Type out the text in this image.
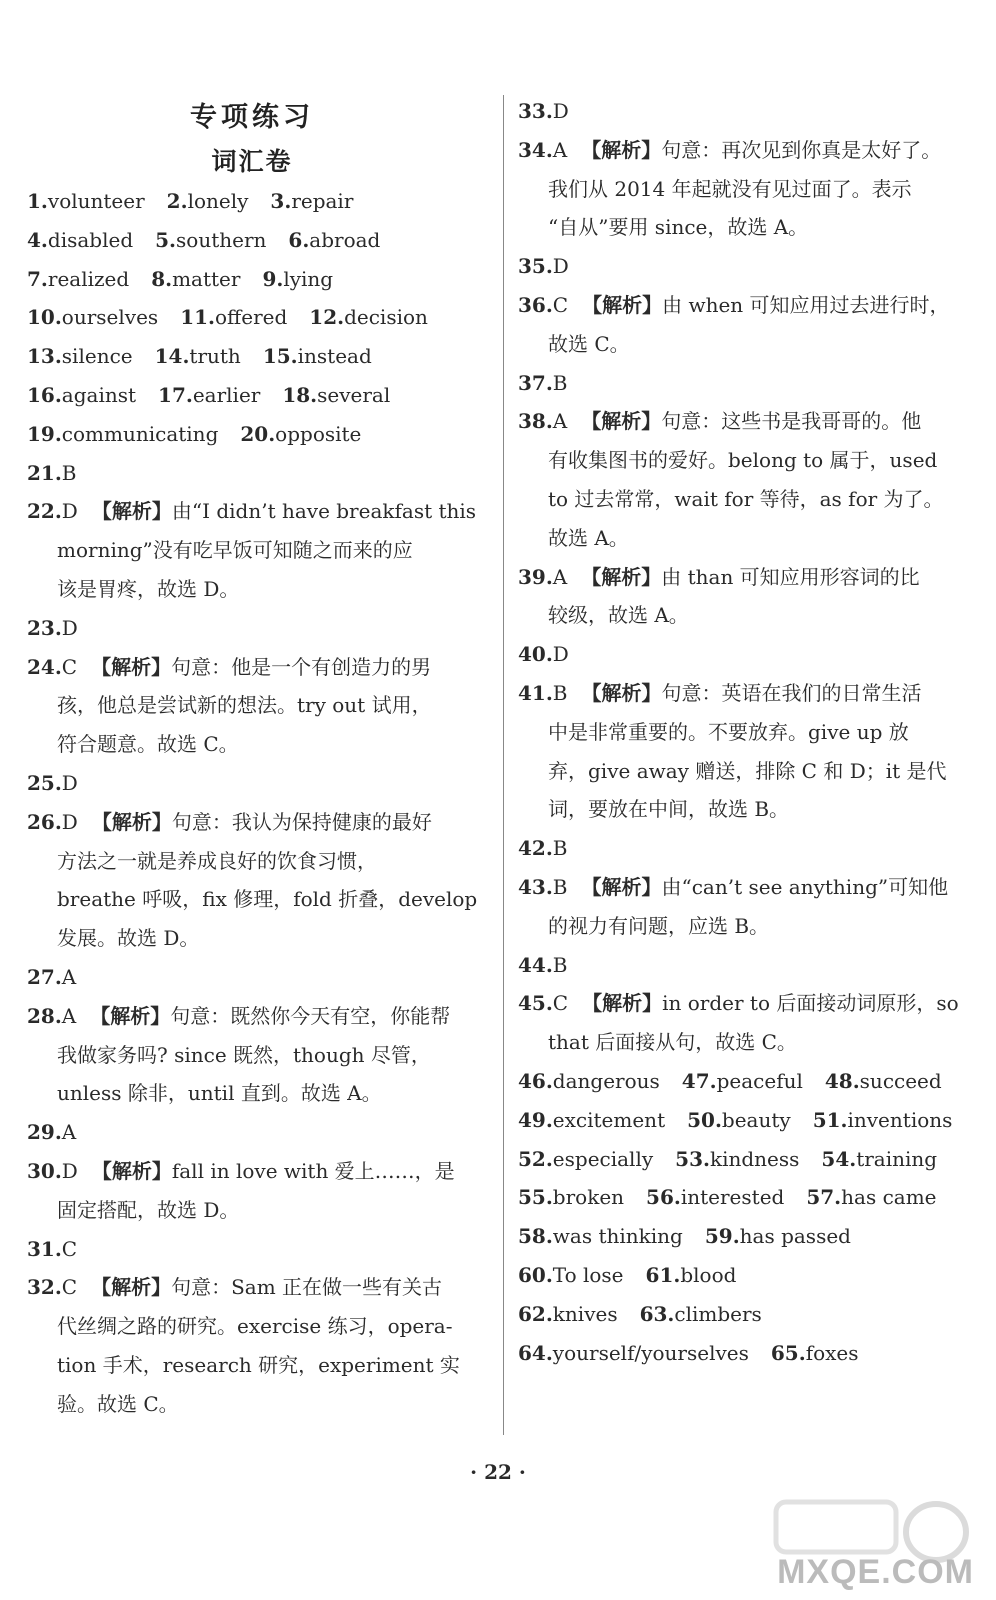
专项练习
词汇卷
1.volunteer 2.lonely 3.repair
4.disabled 5.southern 6.abroad
7.realized 8.matter 9.lying
10.ourselves 11.offered 12.decision
13.silence 14.truth 15.instead
16.against 17.earlier 18.several
19.communicating 20.opposite
21.B
22.D 【解析】由“I didn’t have breakfast this
morning”没有吃早饭可知随之而来的应
该是胃疼，故选 D。
23.D
24.C 【解析】句意：他是一个有创造力的男
孩，他总是尝试新的想法。try out 试用，
符合题意。故选 C。
25.D
26.D 【解析】句意：我认为保持健康的最好
方法之一就是养成良好的饮食习惯，
breathe 呼吸，fix 修理，fold 折叠，develop
发展。故选 D。
27.A
28.A 【解析】句意：既然你今天有空，你能帮
我做家务吗? since 既然，though 尽管，
unless 除非，until 直到。故选 A。
29.A
30.D 【解析】fall in love with 爱上……，是
固定搭配，故选 D。
31.C
32.C 【解析】句意：Sam 正在做一些有关古
代丝绸之路的研究。exercise 练习，opera-
tion 手术，research 研究，experiment 实
验。故选 C。
33.D
34.A 【解析】句意：再次见到你真是太好了。
我们从 2014 年起就没有见过面了。表示
“自从”要用 since，故选 A。
35.D
36.C 【解析】由 when 可知应用过去进行时，
故选 C。
37.B
38.A 【解析】句意：这些书是我哥哥的。他
有收集图书的爱好。belong to 属于，used
to 过去常常，wait for 等待，as for 为了。
故选 A。
39.A 【解析】由 than 可知应用形容词的比
较级，故选 A。
40.D
41.B 【解析】句意：英语在我们的日常生活
中是非常重要的。不要放弃。give up 放
弃，give away 赠送，排除 C 和 D；it 是代
词，要放在中间，故选 B。
42.B
43.B 【解析】由“can’t see anything”可知他
的视力有问题，应选 B。
44.B
45.C 【解析】in order to 后面接动词原形，so
that 后面接从句，故选 C。
46.dangerous 47.peaceful 48.succeed
49.excitement 50.beauty 51.inventions
52.especially 53.kindness 54.training
55.broken 56.interested 57.has came
58.was thinking 59.has passed
60.To lose 61.blood
62.knives 63.climbers
64.yourself/yourselves 65.foxes
· 22 ·
MXQE.COM
